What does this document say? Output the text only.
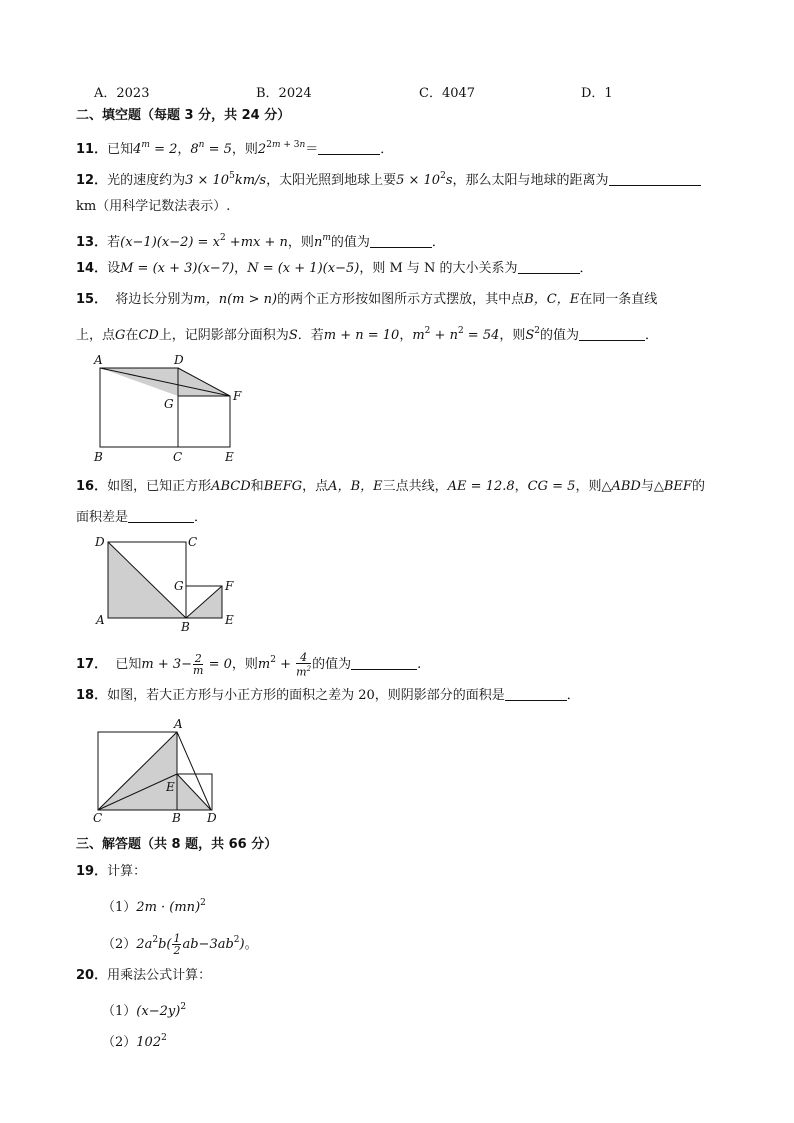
A．2023	B．2024	C．4047	D．1
二、填空题（每题 3 分，共 24 分）
11．已知$4^m = 2$，$8^n = 5$，则$2^{2m + 3n}=$	．
12．光的速度约为$3 \times 10^5km/s$，太阳光照到地球上要$5 \times 10^2s$，那么太阳与地球的距离为
km（用科学记数法表示）.
13．若$(x-1)(x-2) = x^2 +mx + n$，则$n^m$的值为	．
14．设M = (x + 3)(x−7)，N = (x + 1)(x−5)，则 M 与 N 的大小关系为	．
15． 将边长分别为m，n(m > n)的两个正方形按如图所示方式摆放，其中点B，C，E在同一条直线
上，点G在CD上，记阴影部分面积为S．若m + n = 10，$m^2 + n^2 = 54$，则$S^2$的值为	．
A	D
G
F
B	C	E
16．如图，已知正方形ABCD和BEFG，点A，B，E三点共线，AE = 12.8，CG = 5，则△ABD与△BEF的
面积差是	．
D	C
G	F
A	B	E
17． 已知$m + 3- \frac{2}{m} = 0$，则$m^2 + \frac{4}{m^2}$ 的值为	.
18．如图，若大正方形与小正方形的面积之差为 20，则阴影部分的面积是	．
A
E
C	B D
三、解答题（共 8 题，共 66 分）
19．计算：
（1）2m · (mn)$^2$
$(2)2a^2b( \frac{1}{2} ab-3ab^2)$。
20．用乘法公式计算：
$(1)(x-2y)^2$
$(2)102^2$
